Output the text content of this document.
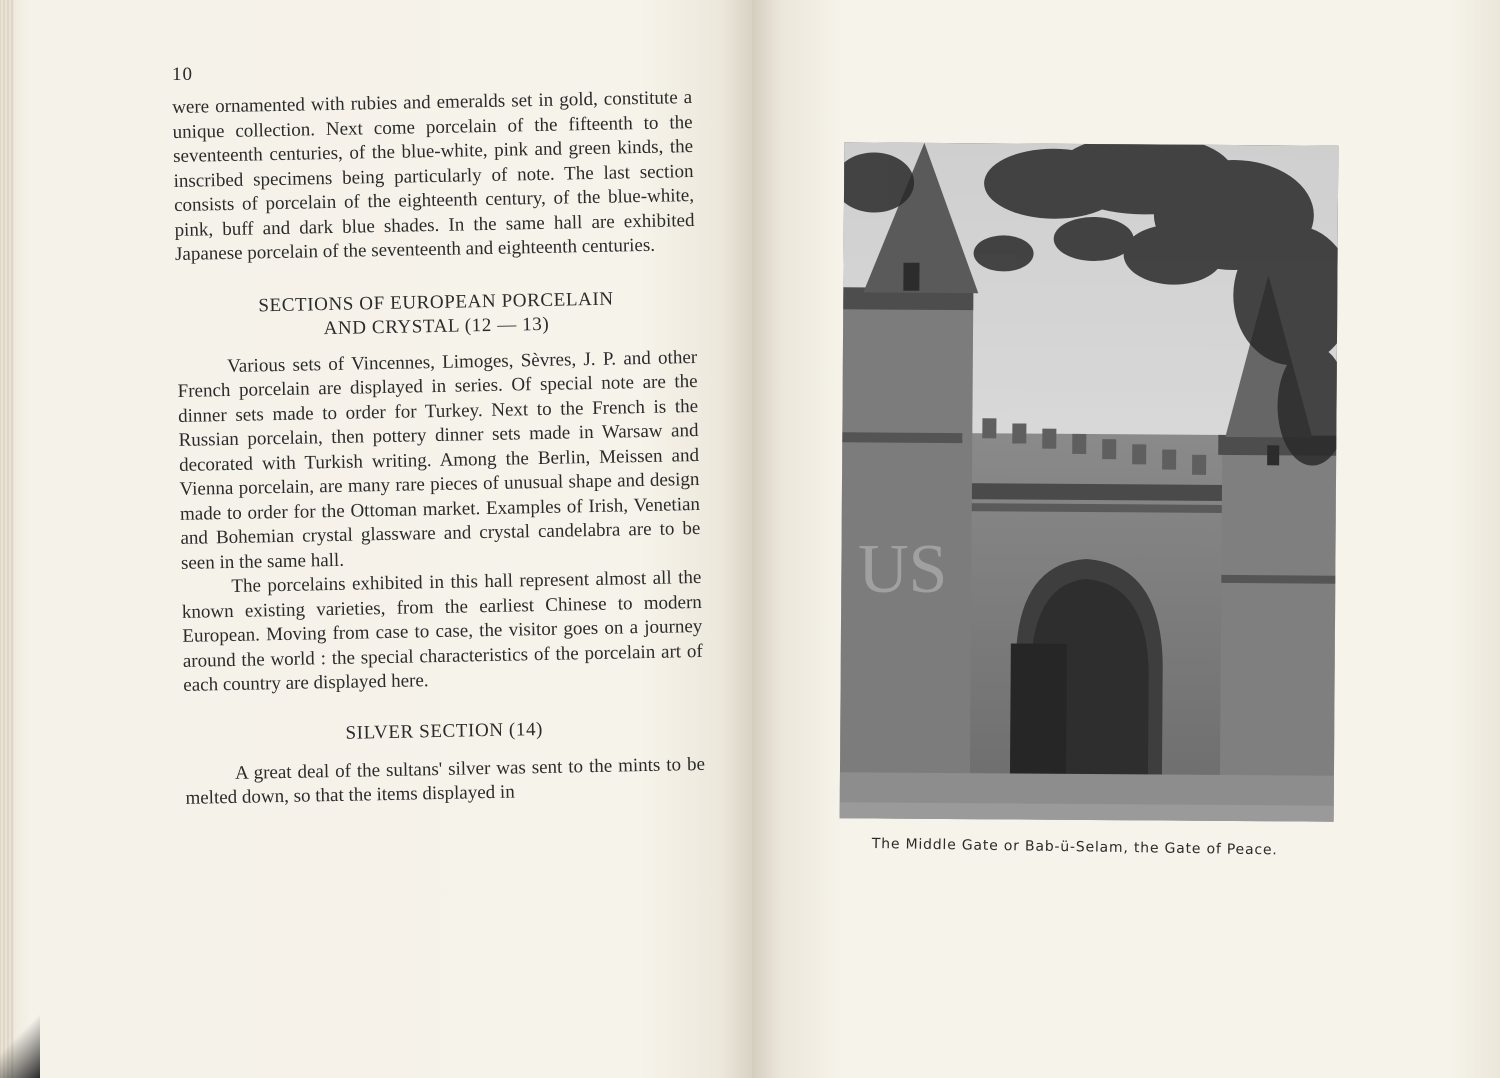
10

were ornamented with rubies and emeralds set in gold, constitute a unique collection. Next come porcelain of the fifteenth to the seventeenth centuries, of the blue-white, pink and green kinds, the inscribed specimens being particularly of note. The last section consists of porcelain of the eighteenth century, of the blue-white, pink, buff and dark blue shades. In the same hall are exhibited Japanese porcelain of the seventeenth and eighteenth centuries.

SECTIONS OF EUROPEAN PORCELAIN
AND CRYSTAL (12 — 13)

Various sets of Vincennes, Limoges, Sèvres, J. P. and other French porcelain are displayed in series. Of special note are the dinner sets made to order for Turkey. Next to the French is the Russian porcelain, then pottery dinner sets made in Warsaw and decorated with Turkish writing. Among the Berlin, Meissen and Vienna porcelain, are many rare pieces of unusual shape and design made to order for the Ottoman market. Examples of Irish, Venetian and Bohemian crystal glassware and crystal candelabra are to be seen in the same hall.

The porcelains exhibited in this hall represent almost all the known existing varieties, from the earliest Chinese to modern European. Moving from case to case, the visitor goes on a journey around the world : the special characteristics of the porcelain art of each country are displayed here.

SILVER SECTION (14)

A great deal of the sultans' silver was sent to the mints to be melted down, so that the items displayed in

US
The Middle Gate or Bab-ü-Selam, the Gate of Peace.
